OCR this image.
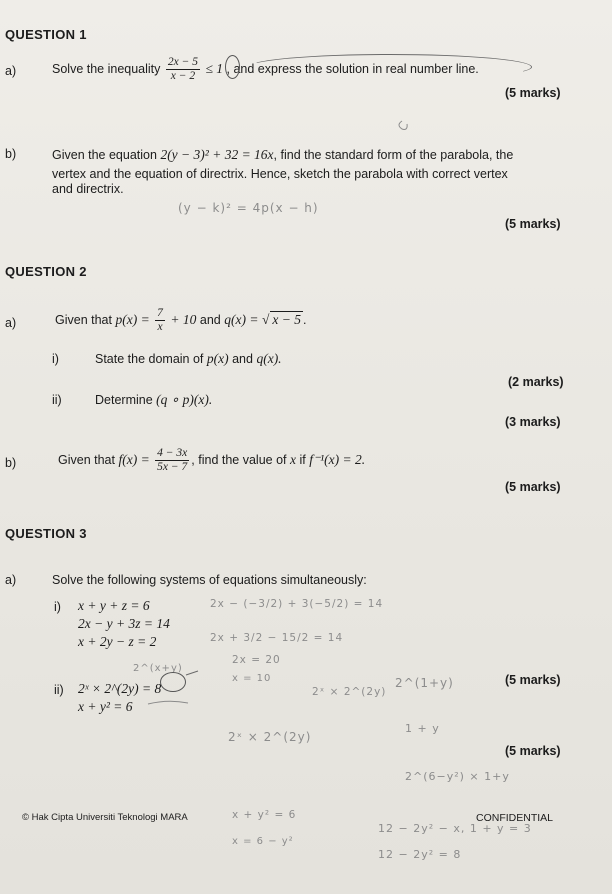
QUESTION 1
a)	Solve the inequality $\frac{2x - 5}{x - 2} \le 1$ , and express the solution in real number line.
(5 marks)
b)	Given the equation 2(y − 3)² + 32 = 16x, find the standard form of the parabola, the
vertex and the equation of directrix. Hence, sketch the parabola with correct vertex
and directrix.
(y − k)² = 4p(x − h)
(5 marks)
QUESTION 2
a)	Given that $p(x) = \frac{7}{x} + 10$ and q(x) = √ x − 5 .
i)	State the domain of p(x) and q(x).
(2 marks)
ii)	Determine (q ∘ p)(x).
(3 marks)
b)	Given that $f(x) = \frac{4 - 3x}{5x - 7}$ , find the value of x if f⁻¹(x) = 2.
(5 marks)
QUESTION 3
a)	Solve the following systems of equations simultaneously:
i) x + y + z = 6
2x − y + 3z = 14
x + 2y − z = 2
2x − (−3/2) + 3(−5/2) = 14
2x + 3/2 − 15/2 = 14
2x = 20
x = 10
2^(x+y)
(5 marks)
ii) 2ˣ × 2^(2y) = 8
x + y² = 6
2ˣ × 2^(2y)
2^(1+y)
2ˣ × 2^(2y)
1 + y
(5 marks)
2^(6−y²) × 1+y
x + y² = 6
12 − 2y² − x, 1 + y = 3
x = 6 − y²
12 − 2y² = 8
© Hak Cipta Universiti Teknologi MARA	CONFIDENTIAL
